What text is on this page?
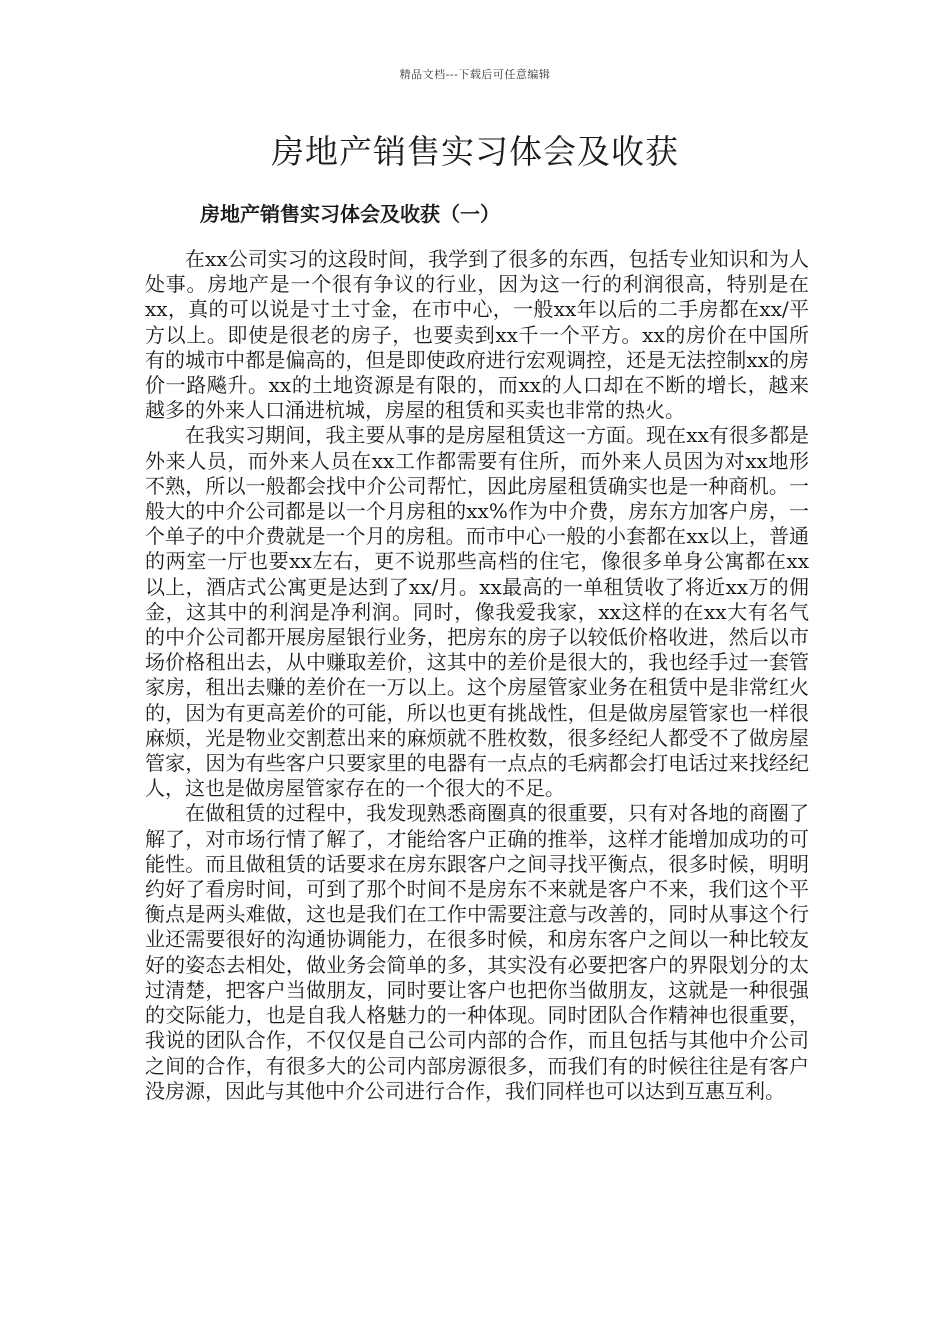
精品文档---下载后可任意编辑
房地产销售实习体会及收获
房地产销售实习体会及收获（一）

在xx公司实习的这段时间，我学到了很多的东西，包括专业知识和为人处事。房地产是一个很有争议的行业，因为这一行的利润很高，特别是在xx，真的可以说是寸土寸金，在市中心，一般xx年以后的二手房都在xx/平方以上。即使是很老的房子，也要卖到xx千一个平方。xx的房价在中国所有的城市中都是偏高的，但是即使政府进行宏观调控，还是无法控制xx的房价一路飚升。xx的土地资源是有限的，而xx的人口却在不断的增长，越来越多的外来人口涌进杭城，房屋的租赁和买卖也非常的热火。

在我实习期间，我主要从事的是房屋租赁这一方面。现在xx有很多都是外来人员，而外来人员在xx工作都需要有住所，而外来人员因为对xx地形不熟，所以一般都会找中介公司帮忙，因此房屋租赁确实也是一种商机。一般大的中介公司都是以一个月房租的xx%作为中介费，房东方加客户房，一个单子的中介费就是一个月的房租。而市中心一般的小套都在xx以上，普通的两室一厅也要xx左右，更不说那些高档的住宅，像很多单身公寓都在xx以上，酒店式公寓更是达到了xx/月。xx最高的一单租赁收了将近xx万的佣金，这其中的利润是净利润。同时，像我爱我家，xx这样的在xx大有名气的中介公司都开展房屋银行业务，把房东的房子以较低价格收进，然后以市场价格租出去，从中赚取差价，这其中的差价是很大的，我也经手过一套管家房，租出去赚的差价在一万以上。这个房屋管家业务在租赁中是非常红火的，因为有更高差价的可能，所以也更有挑战性，但是做房屋管家也一样很麻烦，光是物业交割惹出来的麻烦就不胜枚数，很多经纪人都受不了做房屋管家，因为有些客户只要家里的电器有一点点的毛病都会打电话过来找经纪人，这也是做房屋管家存在的一个很大的不足。

在做租赁的过程中，我发现熟悉商圈真的很重要，只有对各地的商圈了解了，对市场行情了解了，才能给客户正确的推举，这样才能增加成功的可能性。而且做租赁的话要求在房东跟客户之间寻找平衡点，很多时候，明明约好了看房时间，可到了那个时间不是房东不来就是客户不来，我们这个平衡点是两头难做，这也是我们在工作中需要注意与改善的，同时从事这个行业还需要很好的沟通协调能力，在很多时候，和房东客户之间以一种比较友好的姿态去相处，做业务会简单的多，其实没有必要把客户的界限划分的太过清楚，把客户当做朋友，同时要让客户也把你当做朋友，这就是一种很强的交际能力，也是自我人格魅力的一种体现。同时团队合作精神也很重要，我说的团队合作，不仅仅是自己公司内部的合作，而且包括与其他中介公司之间的合作，有很多大的公司内部房源很多，而我们有的时候往往是有客户没房源，因此与其他中介公司进行合作，我们同样也可以达到互惠互利。
